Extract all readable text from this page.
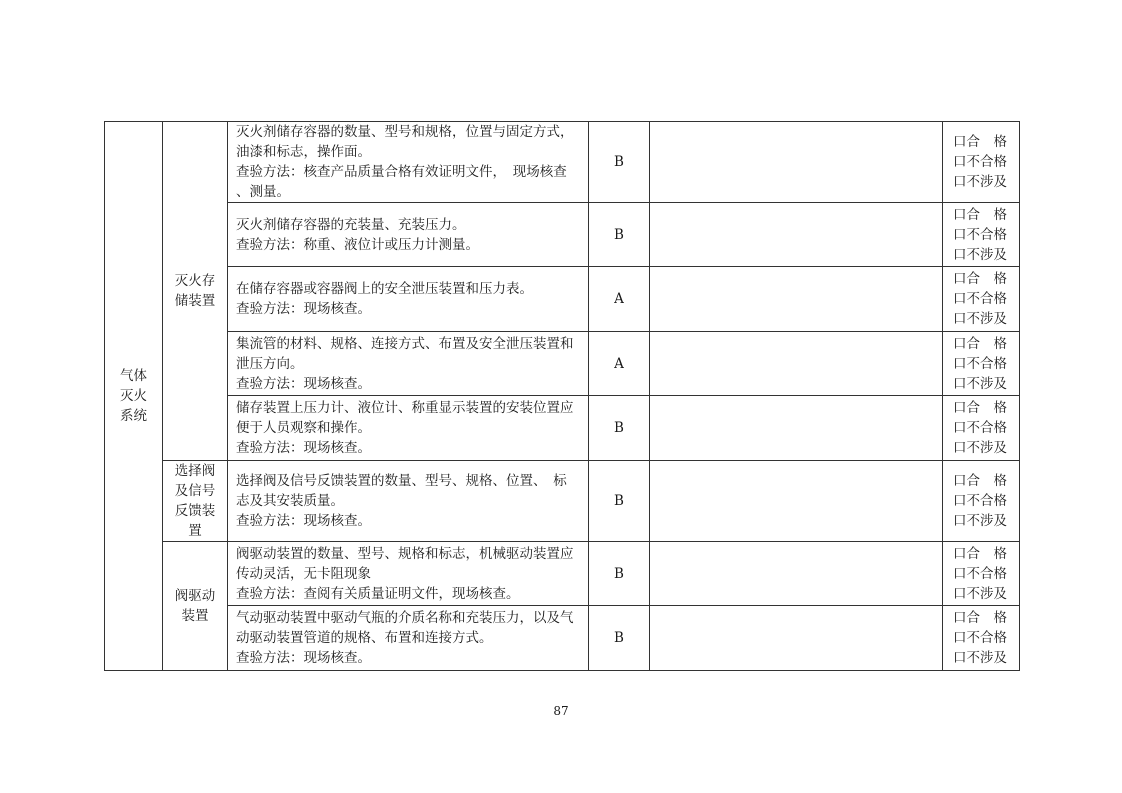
气体
灭火
系统	灭火存
储装置	灭火剂储存容器的数量、型号和规格，位置与固定方式，
油漆和标志，操作面。
查验方法：核查产品质量合格有效证明文件，　现场核查
、测量。	B		口合　格
口不合格
口不涉及

		灭火剂储存容器的充装量、充装压力。
查验方法：称重、液位计或压力计测量。	B		口合　格
口不合格
口不涉及

		在储存容器或容器阀上的安全泄压装置和压力表。
查验方法：现场核查。	A		口合　格
口不合格
口不涉及

		集流管的材料、规格、连接方式、布置及安全泄压装置和
泄压方向。
查验方法：现场核查。	A		口合　格
口不合格
口不涉及

		储存装置上压力计、液位计、称重显示装置的安装位置应
便于人员观察和操作。
查验方法：现场核查。	B		口合　格
口不合格
口不涉及

	选择阀
及信号
反馈装
置	选择阀及信号反馈装置的数量、型号、规格、位置、　标
志及其安装质量。
查验方法：现场核查。	B		口合　格
口不合格
口不涉及

	阀驱动
装置	阀驱动装置的数量、型号、规格和标志，机械驱动装置应
传动灵活，无卡阻现象
查验方法：查阅有关质量证明文件，现场核查。	B		口合　格
口不合格
口不涉及

		气动驱动装置中驱动气瓶的介质名称和充装压力，以及气
动驱动装置管道的规格、布置和连接方式。
查验方法：现场核查。	B		口合　格
口不合格
口不涉及
87
